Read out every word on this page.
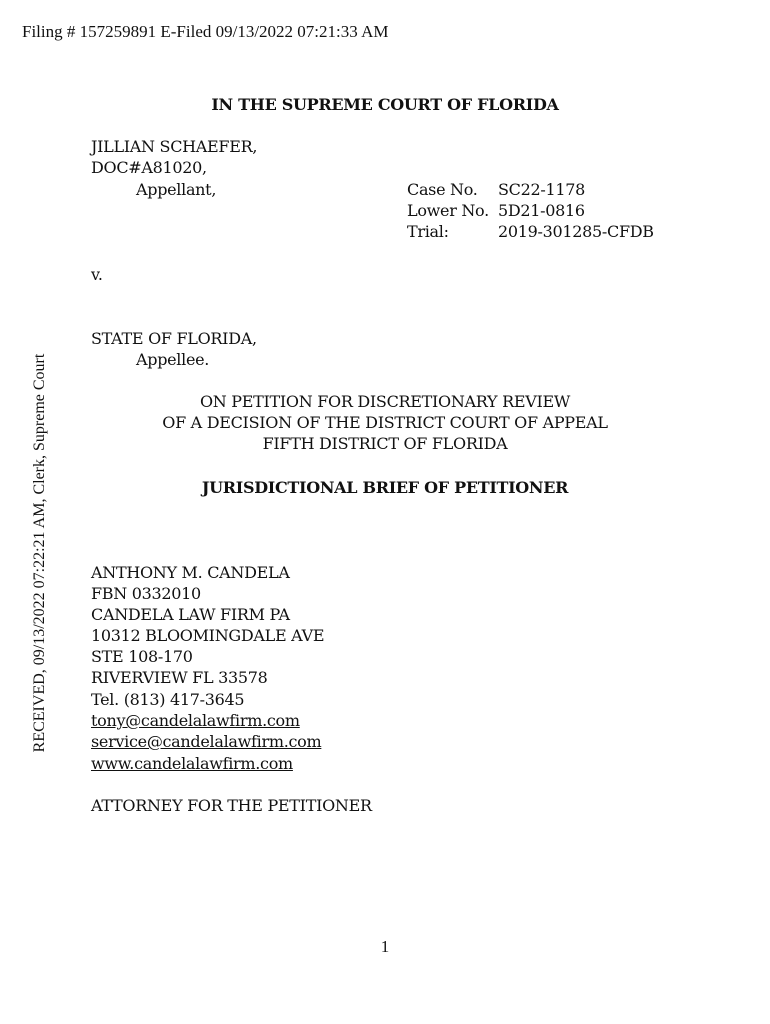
Filing # 157259891 E-Filed 09/13/2022 07:21:33 AM
RECEIVED, 09/13/2022 07:22:21 AM, Clerk, Supreme Court
IN THE SUPREME COURT OF FLORIDA
JILLIAN SCHAEFER,
DOC#A81020,
Appellant,	Case No. SC22-1178
Lower No. 5D21-0816
Trial:	2019-301285-CFDB
v.
STATE OF FLORIDA,
Appellee.
ON PETITION FOR DISCRETIONARY REVIEW
OF A DECISION OF THE DISTRICT COURT OF APPEAL
FIFTH DISTRICT OF FLORIDA
JURISDICTIONAL BRIEF OF PETITIONER
ANTHONY M. CANDELA
FBN 0332010
CANDELA LAW FIRM PA
10312 BLOOMINGDALE AVE
STE 108-170
RIVERVIEW FL 33578
Tel. (813) 417-3645
tony@candelalawfirm.com
service@candelalawfirm.com
www.candelalawfirm.com
ATTORNEY FOR THE PETITIONER
1
